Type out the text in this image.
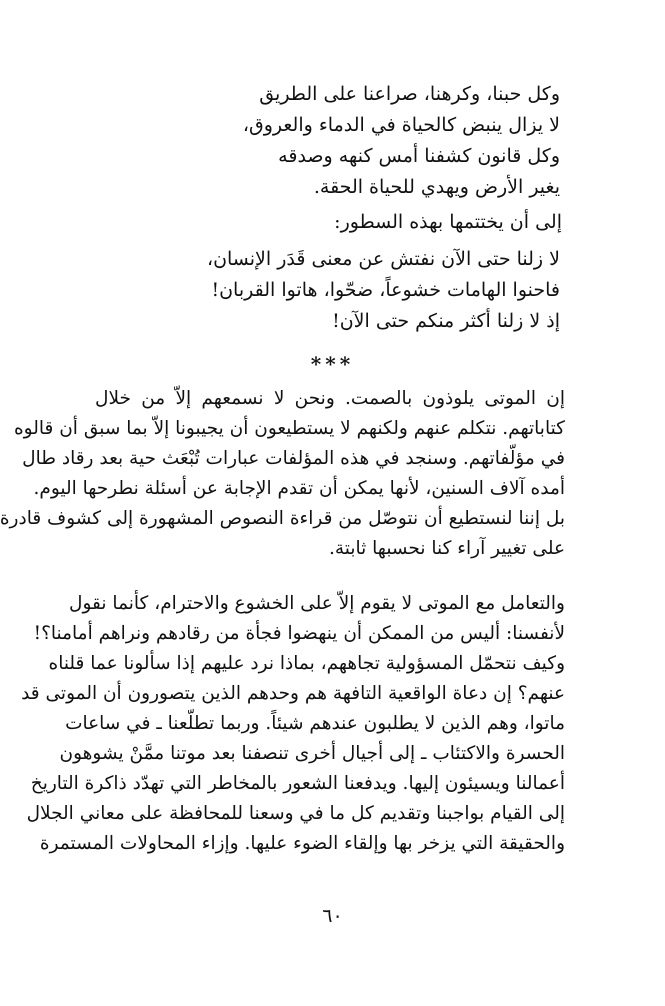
وكل حبنا، وكرهنا، صراعنا على الطريق
لا يزال ينبض كالحياة في الدماء والعروق،
وكل قانون كشفنا أمس كنهه وصدقه
يغير الأرض ويهدي للحياة الحقة.
إلى أن يختتمها بهذه السطور:
لا زلنا حتى الآن نفتش عن معنى قَدَر الإنسان،
فاحنوا الهامات خشوعاً، ضحّوا، هاتوا القربان!
إذ لا زلنا أكثر منكم حتى الآن!
***
إن الموتى يلوذون بالصمت. ونحن لا نسمعهم إلاّ من خلال
كتاباتهم. نتكلم عنهم ولكنهم لا يستطيعون أن يجيبونا إلاّ بما سبق أن قالوه
في مؤلّفاتهم. وسنجد في هذه المؤلفات عبارات تُبْعَث حية بعد رقاد طال
أمده آلاف السنين، لأنها يمكن أن تقدم الإجابة عن أسئلة نطرحها اليوم.
بل إننا لنستطيع أن نتوصّل من قراءة النصوص المشهورة إلى كشوف قادرة
على تغيير آراء كنا نحسبها ثابتة.
والتعامل مع الموتى لا يقوم إلاّ على الخشوع والاحترام، كأنما نقول
لأنفسنا: أليس من الممكن أن ينهضوا فجأة من رقادهم ونراهم أمامنا؟!
وكيف نتحمّل المسؤولية تجاههم، بماذا نرد عليهم إذا سألونا عما قلناه
عنهم؟ إن دعاة الواقعية التافهة هم وحدهم الذين يتصورون أن الموتى قد
ماتوا، وهم الذين لا يطلبون عندهم شيئاً. وربما تطلّعنا ـ في ساعات
الحسرة والاكتئاب ـ إلى أجيال أخرى تنصفنا بعد موتنا ممَّنْ يشوهون
أعمالنا ويسيئون إليها. ويدفعنا الشعور بالمخاطر التي تهدّد ذاكرة التاريخ
إلى القيام بواجبنا وتقديم كل ما في وسعنا للمحافظة على معاني الجلال
والحقيقة التي يزخر بها وإلقاء الضوء عليها. وإزاء المحاولات المستمرة
٦٠
